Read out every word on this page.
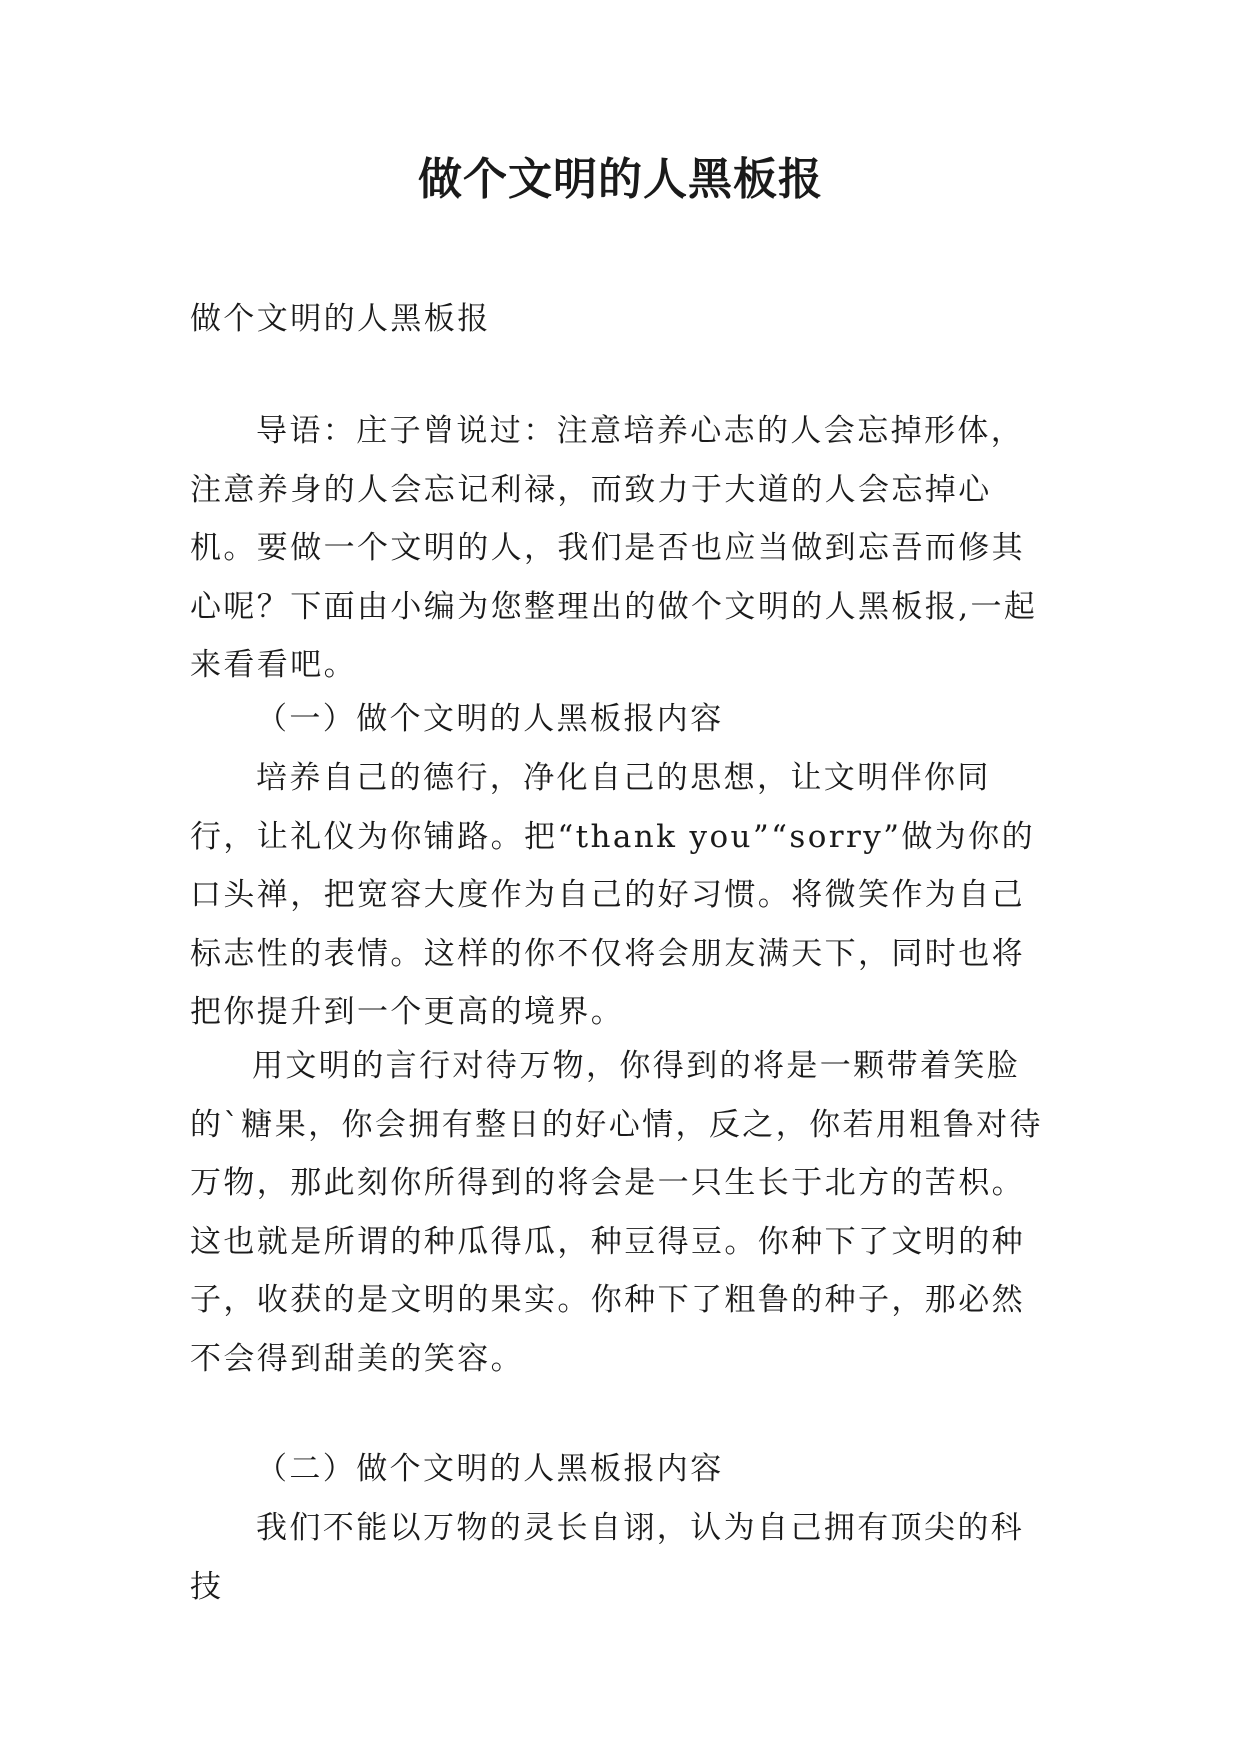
做个文明的人黑板报

做个文明的人黑板报

导语：庄子曾说过：注意培养心志的人会忘掉形体，注意养身的人会忘记利禄，而致力于大道的人会忘掉心机。要做一个文明的人，我们是否也应当做到忘吾而修其心呢？下面由小编为您整理出的做个文明的人黑板报,一起来看看吧。

（一）做个文明的人黑板报内容

培养自己的德行，净化自己的思想，让文明伴你同行，让礼仪为你铺路。把“thank you”“sorry”做为你的口头禅，把宽容大度作为自己的好习惯。将微笑作为自己标志性的表情。这样的你不仅将会朋友满天下，同时也将把你提升到一个更高的境界。

用文明的言行对待万物，你得到的将是一颗带着笑脸的`糖果，你会拥有整日的好心情，反之，你若用粗鲁对待万物，那此刻你所得到的将会是一只生长于北方的苦枳。这也就是所谓的种瓜得瓜，种豆得豆。你种下了文明的种子，收获的是文明的果实。你种下了粗鲁的种子，那必然不会得到甜美的笑容。

（二）做个文明的人黑板报内容

我们不能以万物的灵长自诩，认为自己拥有顶尖的科技
